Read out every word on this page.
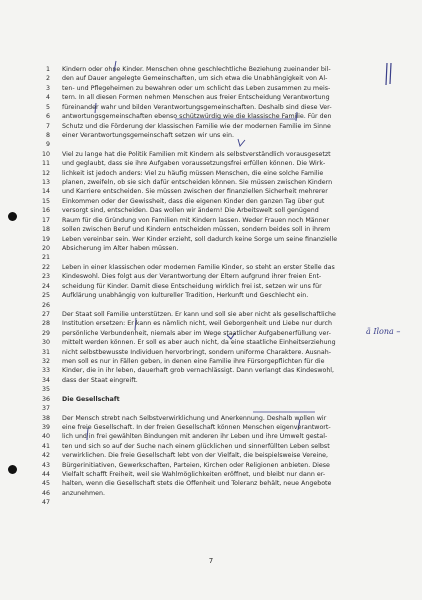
ä Ilona –
1 Kindern oder ohne Kinder. Menschen ohne geschlechtliche Beziehung zueinander bil-
2 den auf Dauer angelegte Gemeinschaften, um sich etwa die Unabhängigkeit von Al-
3 ten- und Pflegeheimen zu bewahren oder um schlicht das Leben zusammen zu meis-
4 tern. In all diesen Formen nehmen Menschen aus freier Entscheidung Verantwortung
5 füreinander wahr und bilden Verantwortungsgemeinschaften. Deshalb sind diese Ver-
6 antwortungsgemeinschaften ebenso schützwürdig wie die klassische Familie. Für den
7 Schutz und die Förderung der klassischen Familie wie der modernen Familie im Sinne
8 einer Verantwortungsgemeinschaft setzen wir uns ein.
9
10 Viel zu lange hat die Politik Familien mit Kindern als selbstverständlich vorausgesetzt
11 und geglaubt, dass sie ihre Aufgaben voraussetzungsfrei erfüllen können. Die Wirk-
12 lichkeit ist jedoch anders: Viel zu häufig müssen Menschen, die eine solche Familie
13 planen, zweifeln, ob sie sich dafür entscheiden können. Sie müssen zwischen Kindern
14 und Karriere entscheiden. Sie müssen zwischen der finanziellen Sicherheit mehrerer
15 Einkommen oder der Gewissheit, dass die eigenen Kinder den ganzen Tag über gut
16 versorgt sind, entscheiden. Das wollen wir ändern! Die Arbeitswelt soll genügend
17 Raum für die Gründung von Familien mit Kindern lassen. Weder Frauen noch Männer
18 sollen zwischen Beruf und Kindern entscheiden müssen, sondern beides soll in ihrem
19 Leben vereinbar sein. Wer Kinder erzieht, soll dadurch keine Sorge um seine finanzielle
20 Absicherung im Alter haben müssen.
21
22 Leben in einer klassischen oder modernen Familie Kinder, so steht an erster Stelle das
23 Kindeswohl. Dies folgt aus der Verantwortung der Eltern aufgrund ihrer freien Ent-
24 scheidung für Kinder. Damit diese Entscheidung wirklich frei ist, setzen wir uns für
25 Aufklärung unabhängig von kultureller Tradition, Herkunft und Geschlecht ein.
26
27 Der Staat soll Familie unterstützen. Er kann und soll sie aber nicht als gesellschaftliche
28 Institution ersetzen: Er kann es nämlich nicht, weil Geborgenheit und Liebe nur durch
29 persönliche Verbundenheit, niemals aber im Wege staatlicher Aufgabenerfüllung ver-
30 mittelt werden können. Er soll es aber auch nicht, da eine staatliche Einheitserziehung
31 nicht selbstbewusste Individuen hervorbringt, sondern uniforme Charaktere. Ausnah-
32 men soll es nur in Fällen geben, in denen eine Familie ihre Fürsorgepflichten für die
33 Kinder, die in ihr leben, dauerhaft grob vernachlässigt. Dann verlangt das Kindeswohl,
34 dass der Staat eingreift.
35
36 Die Gesellschaft
37
38 Der Mensch strebt nach Selbstverwirklichung und Anerkennung. Deshalb wollen wir
39 eine freie Gesellschaft. In der freien Gesellschaft können Menschen eigenverantwort-
40 lich und in frei gewählten Bindungen mit anderen ihr Leben und ihre Umwelt gestal-
41 ten und sich so auf der Suche nach einem glücklichen und sinnerfüllten Leben selbst
42 verwirklichen. Die freie Gesellschaft lebt von der Vielfalt, die beispielsweise Vereine,
43 Bürgerinitiativen, Gewerkschaften, Parteien, Kirchen oder Religionen anbieten. Diese
44 Vielfalt schafft Freiheit, weil sie Wahlmöglichkeiten eröffnet, und bleibt nur dann er-
45 halten, wenn die Gesellschaft stets die Offenheit und Toleranz behält, neue Angebote
46 anzunehmen.
47
7
